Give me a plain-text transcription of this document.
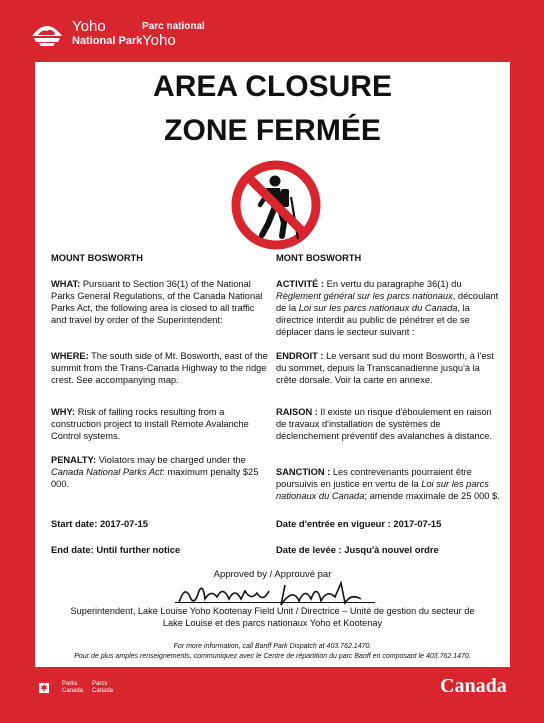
Yoho
National Park
Parc national
Yoho
AREA CLOSURE
ZONE FERMÉE

MOUNT BOSWORTH

WHAT: Pursuant to Section 36(1) of the National Parks General Regulations, of the Canada National Parks Act, the following area is closed to all traffic and travel by order of the Superintendent:

WHERE: The south side of Mt. Bosworth, east of the summit from the Trans-Canada Highway to the ridge crest. See accompanying map.

WHY: Risk of falling rocks resulting from a construction project to install Remote Avalanche Control systems.

PENALTY: Violators may be charged under the Canada National Parks Act: maximum penalty $25 000.

MONT BOSWORTH

ACTIVITÉ : En vertu du paragraphe 36(1) du Règlement général sur les parcs nationaux, découlant de la Loi sur les parcs nationaux du Canada, la directrice interdit au public de pénétrer et de se déplacer dans le secteur suivant :

ENDROIT : Le versant sud du mont Bosworth, à l'est du sommet, depuis la Transcanadienne jusqu'à la crête dorsale. Voir la carte en annexe.

RAISON : Il existe un risque d'éboulement en raison de travaux d'installation de systèmes de déclenchement préventif des avalanches à distance.

SANCTION : Les contrevenants pourraient être poursuivis en justice en vertu de la Loi sur les parcs nationaux du Canada; amende maximale de 25 000 $.

Start date: 2017-07-15	Date d'entrée en vigueur : 2017-07-15
End date: Until further notice	Date de levée : Jusqu'à nouvel ordre
Approved by / Approuvé par
Superintendent, Lake Louise Yoho Kootenay Field Unit / Directrice – Unité de gestion du secteur de
Lake Louise et des parcs nationaux Yoho et Kootenay
For more information, call Banff Park Dispatch at 403.762.1470.
Pour de plus amples renseignements, communiquez avec le Centre de répartition du parc Banff en composant le 403.762.1470.
Parks
Canada
Parcs
Canada	Canada
